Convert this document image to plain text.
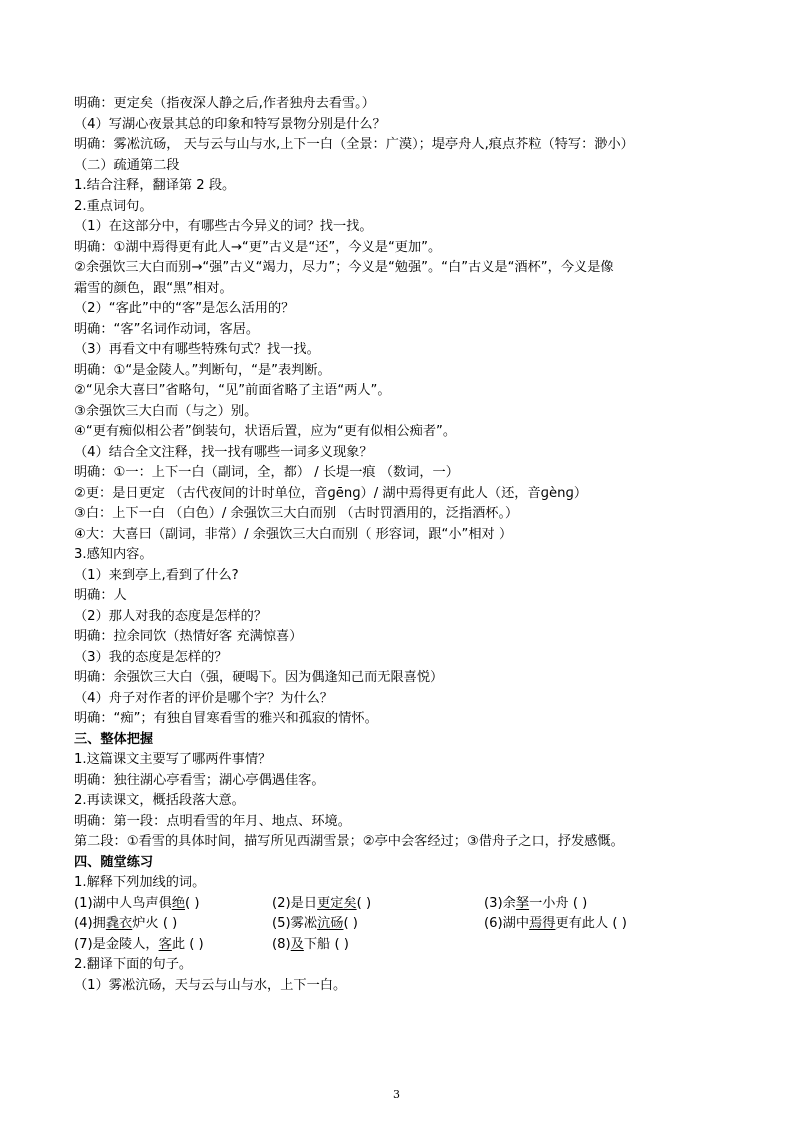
明确：更定矣（指夜深人静之后,作者独舟去看雪。）
（4）写湖心夜景其总的印象和特写景物分别是什么？
明确：雾凇沆砀， 天与云与山与水,上下一白（全景：广漠）；堤亭舟人,痕点芥粒（特写：渺小）
（二）疏通第二段
1.结合注释，翻译第 2 段。
2.重点词句。
（1）在这部分中，有哪些古今异义的词？找一找。
明确：①湖中焉得更有此人→“更”古义是“还”，今义是“更加”。
②余强饮三大白而别→“强”古义“竭力，尽力”；今义是“勉强”。“白”古义是“酒杯”，今义是像
霜雪的颜色，跟“黑”相对。
（2）“客此”中的“客”是怎么活用的？
明确：“客”名词作动词，客居。
（3）再看文中有哪些特殊句式？找一找。
明确：①“是金陵人。”判断句，“是”表判断。
②“见余大喜曰”省略句，“见”前面省略了主语“两人”。
③余强饮三大白而（与之）别。
④“更有痴似相公者”倒装句，状语后置，应为“更有似相公痴者”。
（4）结合全文注释，找一找有哪些一词多义现象？
明确：①一：上下一白（副词，全，都） / 长堤一痕 （数词，一）
②更：是日更定 （古代夜间的计时单位，音ɡēnɡ）/ 湖中焉得更有此人（还，音ɡènɡ）
③白：上下一白 （白色）/ 余强饮三大白而别 （古时罚酒用的，泛指酒杯。）
④大：大喜曰（副词，非常）/ 余强饮三大白而别（ 形容词，跟“小”相对 ）
3.感知内容。
（1）来到亭上,看到了什么?
明确：人
（2）那人对我的态度是怎样的？
明确：拉余同饮（热情好客 充满惊喜）
（3）我的态度是怎样的？
明确：余强饮三大白（强，硬喝下。因为偶逢知己而无限喜悦）
（4）舟子对作者的评价是哪个字？为什么？
明确：“痴”；有独自冒寒看雪的雅兴和孤寂的情怀。
三、整体把握
1.这篇课文主要写了哪两件事情？
明确：独往湖心亭看雪；湖心亭偶遇佳客。
2.再读课文，概括段落大意。
明确：第一段：点明看雪的年月、地点、环境。
第二段：①看雪的具体时间，描写所见西湖雪景；②亭中会客经过；③借舟子之口，抒发感慨。
四、随堂练习
1.解释下列加线的词。
(1)湖中人鸟声俱绝( )	(2)是日更定矣( )	(3)余拏一小舟 ( )
(4)拥毳衣炉火 ( )	(5)雾凇沆砀( )	(6)湖中焉得更有此人 ( )
(7)是金陵人，客此 ( )	(8)及下船 ( )
2.翻译下面的句子。
（1）雾凇沆砀，天与云与山与水，上下一白。
3
